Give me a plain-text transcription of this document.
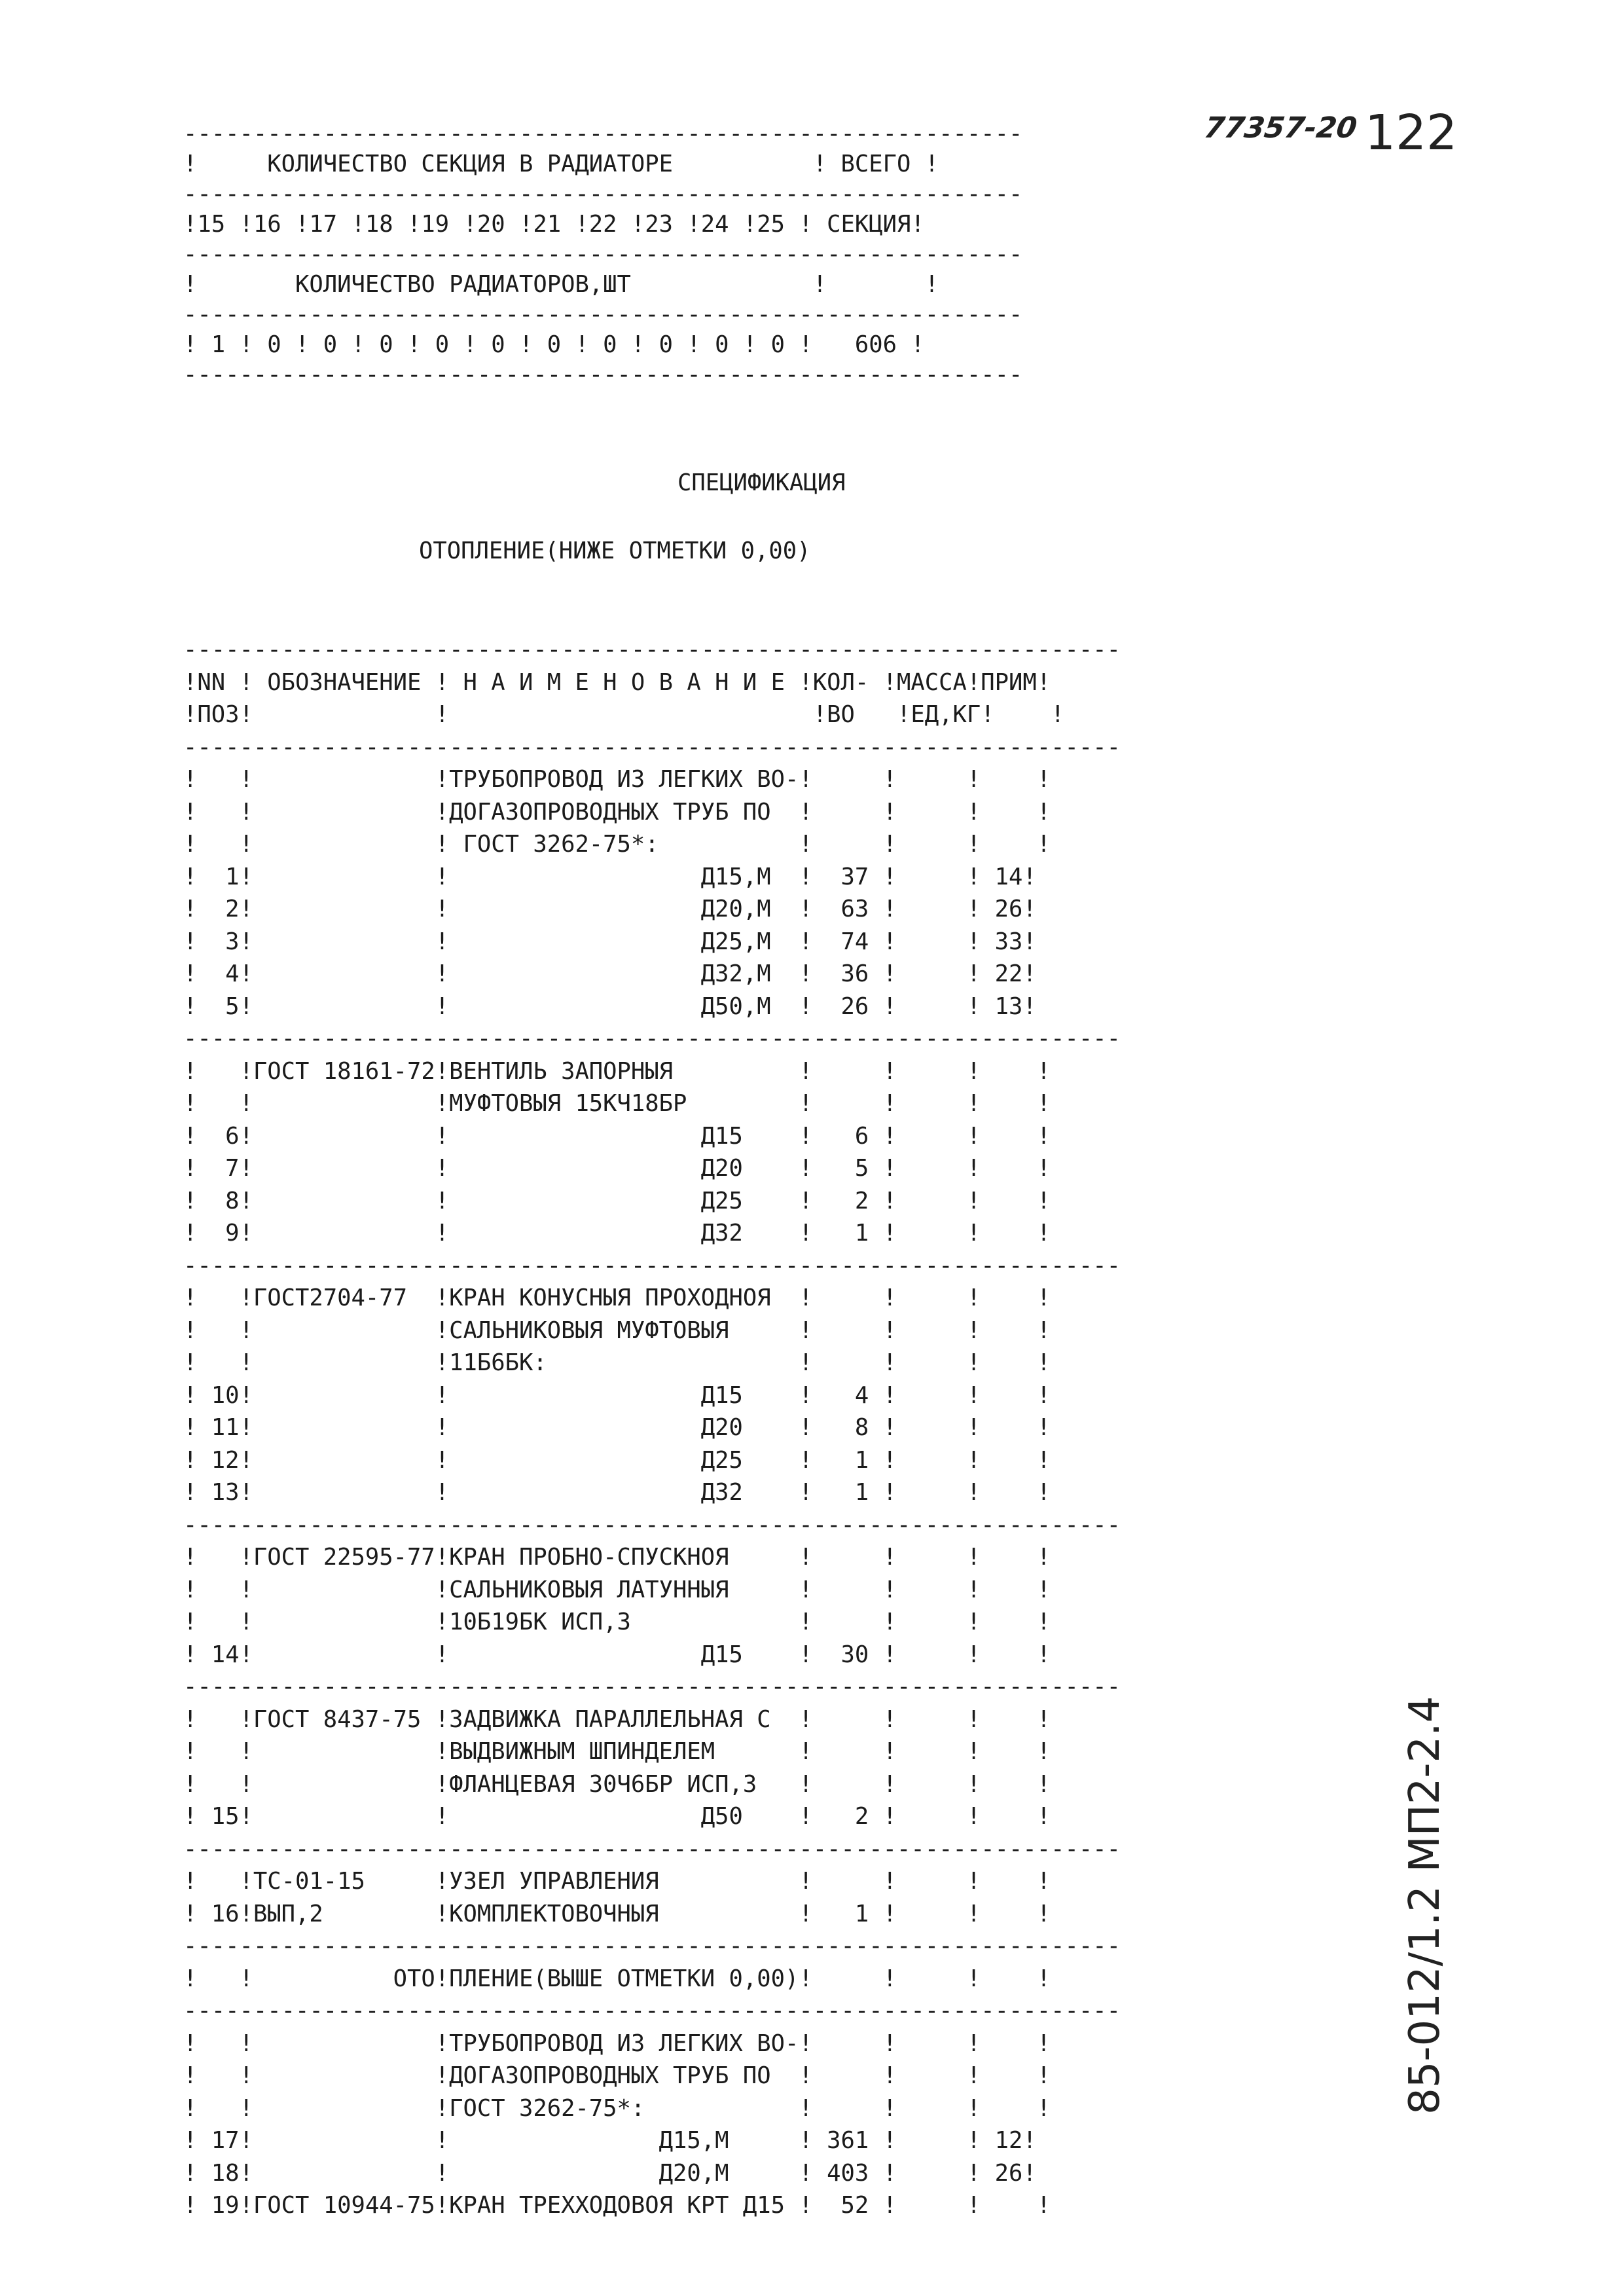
77357-20 122
------------------------------------------------------------
!     КОЛИЧЕСТВО СЕКЦИЯ В РАДИАТОРЕ          ! ВСЕГО !
------------------------------------------------------------
!15 !16 !17 !18 !19 !20 !21 !22 !23 !24 !25 ! СЕКЦИЯ!
------------------------------------------------------------
!       КОЛИЧЕСТВО РАДИАТОРОВ,ШТ             !       !
------------------------------------------------------------
! 1 ! 0 ! 0 ! 0 ! 0 ! 0 ! 0 ! 0 ! 0 ! 0 ! 0 !   606 !
------------------------------------------------------------
СПЕЦИФИКАЦИЯ
ОТОПЛЕНИЕ(НИЖЕ ОТМЕТКИ 0,00)
-------------------------------------------------------------------
!NN ! ОБОЗНАЧЕНИЕ ! Н А И М Е Н О В А Н И Е !КОЛ- !МАССА!ПРИМ!
!ПОЗ!             !                          !ВО   !ЕД,КГ!    !
-------------------------------------------------------------------
!   !             !ТРУБОПРОВОД ИЗ ЛЕГКИХ ВО-!     !     !    !
!   !             !ДОГАЗОПРОВОДНЫХ ТРУБ ПО  !     !     !    !
!   !             ! ГОСТ 3262-75*:          !     !     !    !
!  1!             !                  Д15,М  !  37 !     ! 14!
!  2!             !                  Д20,М  !  63 !     ! 26!
!  3!             !                  Д25,М  !  74 !     ! 33!
!  4!             !                  Д32,М  !  36 !     ! 22!
!  5!             !                  Д50,М  !  26 !     ! 13!
-------------------------------------------------------------------
!   !ГОСТ 18161-72!ВЕНТИЛЬ ЗАПОРНЫЯ         !     !     !    !
!   !             !МУФТОВЫЯ 15КЧ18БР        !     !     !    !
!  6!             !                  Д15    !   6 !     !    !
!  7!             !                  Д20    !   5 !     !    !
!  8!             !                  Д25    !   2 !     !    !
!  9!             !                  Д32    !   1 !     !    !
-------------------------------------------------------------------
!   !ГОСТ2704-77  !КРАН КОНУСНЫЯ ПРОХОДНОЯ  !     !     !    !
!   !             !САЛЬНИКОВЫЯ МУФТОВЫЯ     !     !     !    !
!   !             !11Б6БК:                  !     !     !    !
! 10!             !                  Д15    !   4 !     !    !
! 11!             !                  Д20    !   8 !     !    !
! 12!             !                  Д25    !   1 !     !    !
! 13!             !                  Д32    !   1 !     !    !
-------------------------------------------------------------------
!   !ГОСТ 22595-77!КРАН ПРОБНО-СПУСКНОЯ     !     !     !    !
!   !             !САЛЬНИКОВЫЯ ЛАТУННЫЯ     !     !     !    !
!   !             !10Б19БК ИСП,3            !     !     !    !
! 14!             !                  Д15    !  30 !     !    !
-------------------------------------------------------------------
!   !ГОСТ 8437-75 !ЗАДВИЖКА ПАРАЛЛЕЛЬНАЯ С  !     !     !    !
!   !             !ВЫДВИЖНЫМ ШПИНДЕЛЕМ      !     !     !    !
!   !             !ФЛАНЦЕВАЯ 30Ч6БР ИСП,3   !     !     !    !
! 15!             !                  Д50    !   2 !     !    !
-------------------------------------------------------------------
!   !ТС-01-15     !УЗЕЛ УПРАВЛЕНИЯ          !     !     !    !
! 16!ВЫП,2        !КОМПЛЕКТОВОЧНЫЯ          !   1 !     !    !
-------------------------------------------------------------------
!   !          ОТО!ПЛЕНИЕ(ВЫШЕ ОТМЕТКИ 0,00)!     !     !    !
-------------------------------------------------------------------
!   !             !ТРУБОПРОВОД ИЗ ЛЕГКИХ ВО-!     !     !    !
!   !             !ДОГАЗОПРОВОДНЫХ ТРУБ ПО  !     !     !    !
!   !             !ГОСТ 3262-75*:           !     !     !    !
! 17!             !               Д15,М     ! 361 !     ! 12!
! 18!             !               Д20,М     ! 403 !     ! 26!
! 19!ГОСТ 10944-75!КРАН ТРЕХХОДОВОЯ КРТ Д15 !  52 !     !    !
85-012/1.2 МП2-2.4
